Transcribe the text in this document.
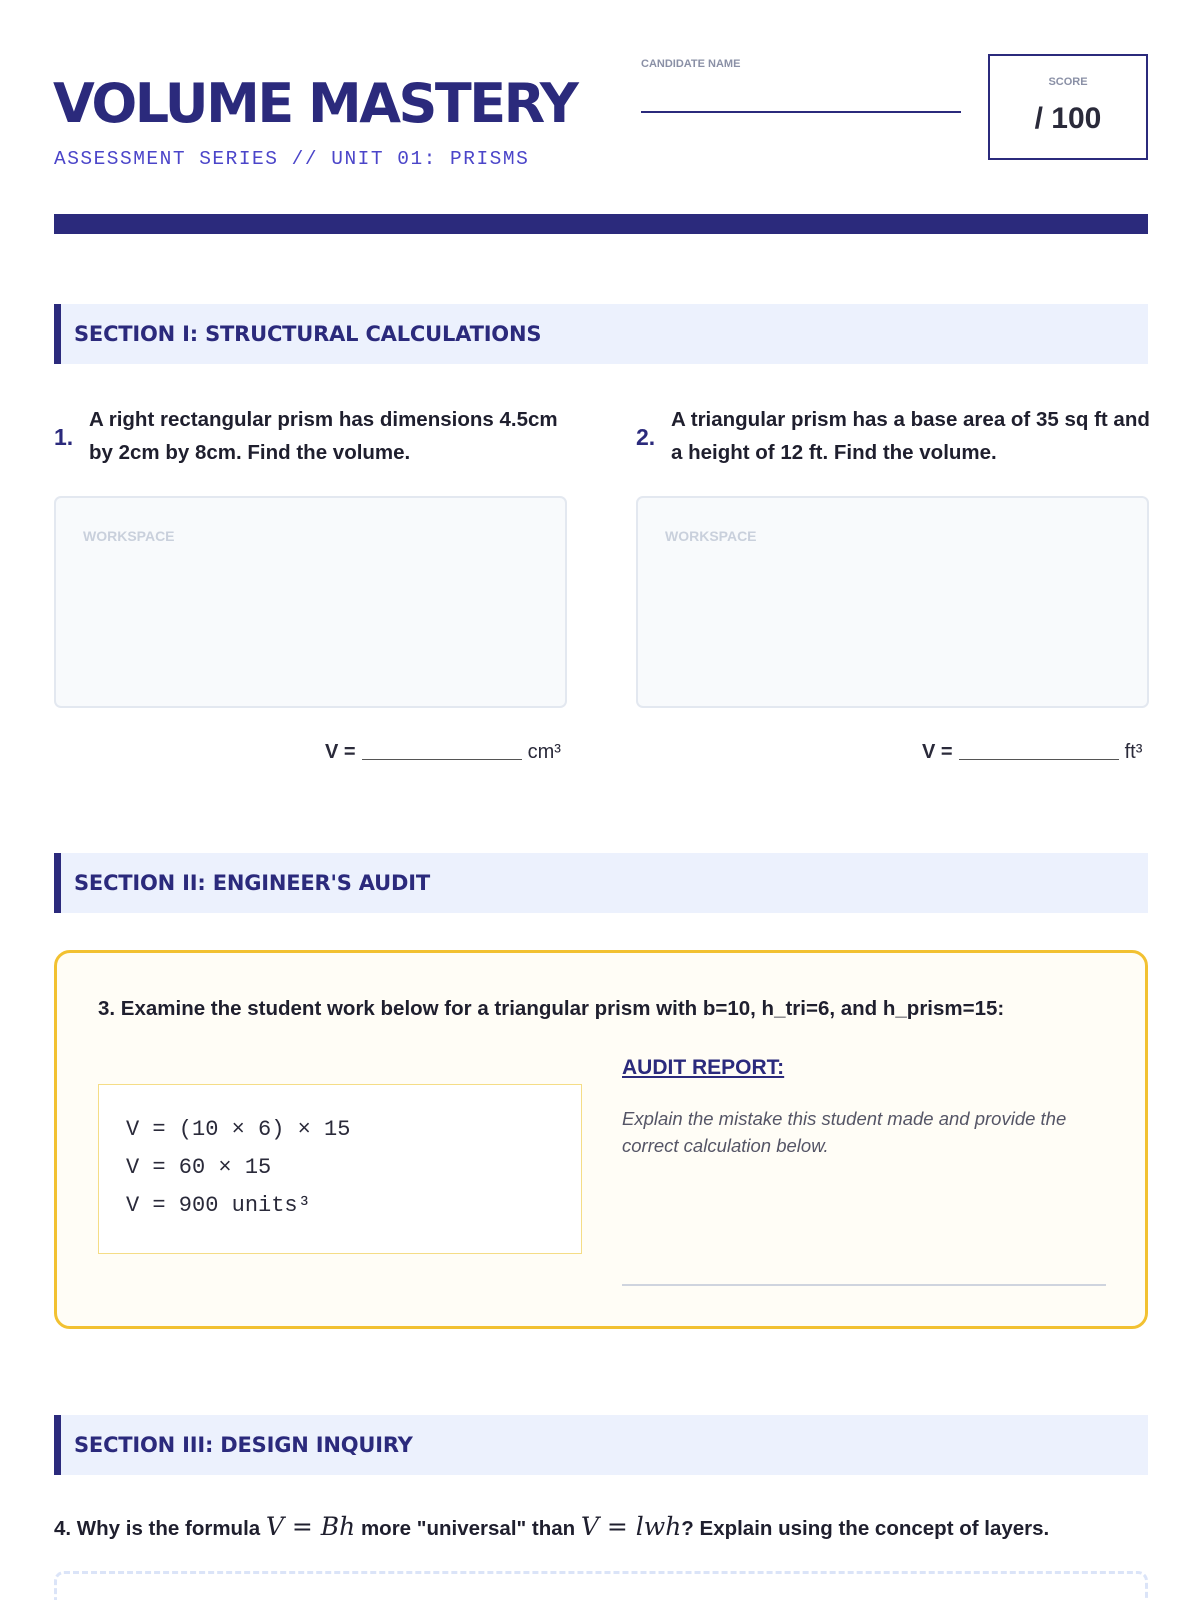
VOLUME MASTERY
ASSESSMENT SERIES // UNIT 01: PRISMS
CANDIDATE NAME
SCORE
/ 100
SECTION I: STRUCTURAL CALCULATIONS
1.
A right rectangular prism has dimensions 4.5cm by 2cm by 8cm. Find the volume.
WORKSPACE
V =	cm³
2.
A triangular prism has a base area of 35 sq ft and a height of 12 ft. Find the volume.
WORKSPACE
V =	ft³
SECTION II: ENGINEER'S AUDIT
3. Examine the student work below for a triangular prism with b=10, h_tri=6, and h_prism=15:
V = (10 × 6) × 15
V = 60 × 15
V = 900 units³
AUDIT REPORT:
Explain the mistake this student made and provide the correct calculation below.
SECTION III: DESIGN INQUIRY
4. Why is the formula V = Bh more "universal" than V = lwh? Explain using the concept of layers.
